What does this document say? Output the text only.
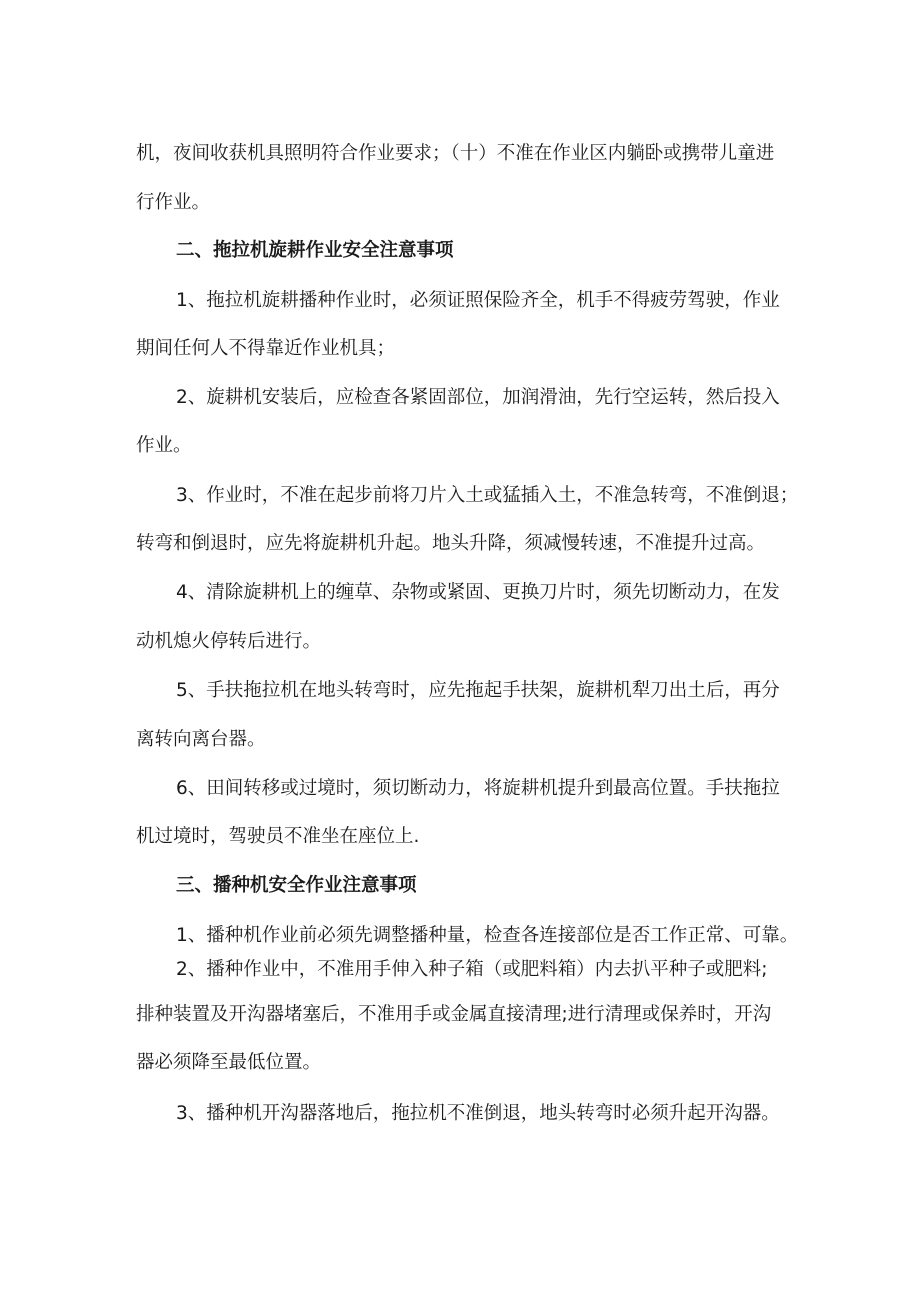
机，夜间收获机具照明符合作业要求；（十）不准在作业区内躺卧或携带儿童进
行作业。
二、拖拉机旋耕作业安全注意事项
1、拖拉机旋耕播种作业时，必须证照保险齐全，机手不得疲劳驾驶，作业
期间任何人不得靠近作业机具；
2、旋耕机安装后，应检查各紧固部位，加润滑油，先行空运转，然后投入
作业。
3、作业时，不准在起步前将刀片入土或猛插入土，不准急转弯，不准倒退；
转弯和倒退时，应先将旋耕机升起。地头升降，须减慢转速，不准提升过高。
4、清除旋耕机上的缠草、杂物或紧固、更换刀片时，须先切断动力，在发
动机熄火停转后进行。
5、手扶拖拉机在地头转弯时，应先拖起手扶架，旋耕机犁刀出土后，再分
离转向离台器。
6、田间转移或过境时，须切断动力，将旋耕机提升到最高位置。手扶拖拉
机过境时，驾驶员不准坐在座位上.
三、播种机安全作业注意事项
1、播种机作业前必须先调整播种量，检查各连接部位是否工作正常、可靠。
2、播种作业中，不准用手伸入种子箱（或肥料箱）内去扒平种子或肥料;
排种装置及开沟器堵塞后，不准用手或金属直接清理;进行清理或保养时，开沟
器必须降至最低位置。
3、播种机开沟器落地后，拖拉机不准倒退，地头转弯时必须升起开沟器。
